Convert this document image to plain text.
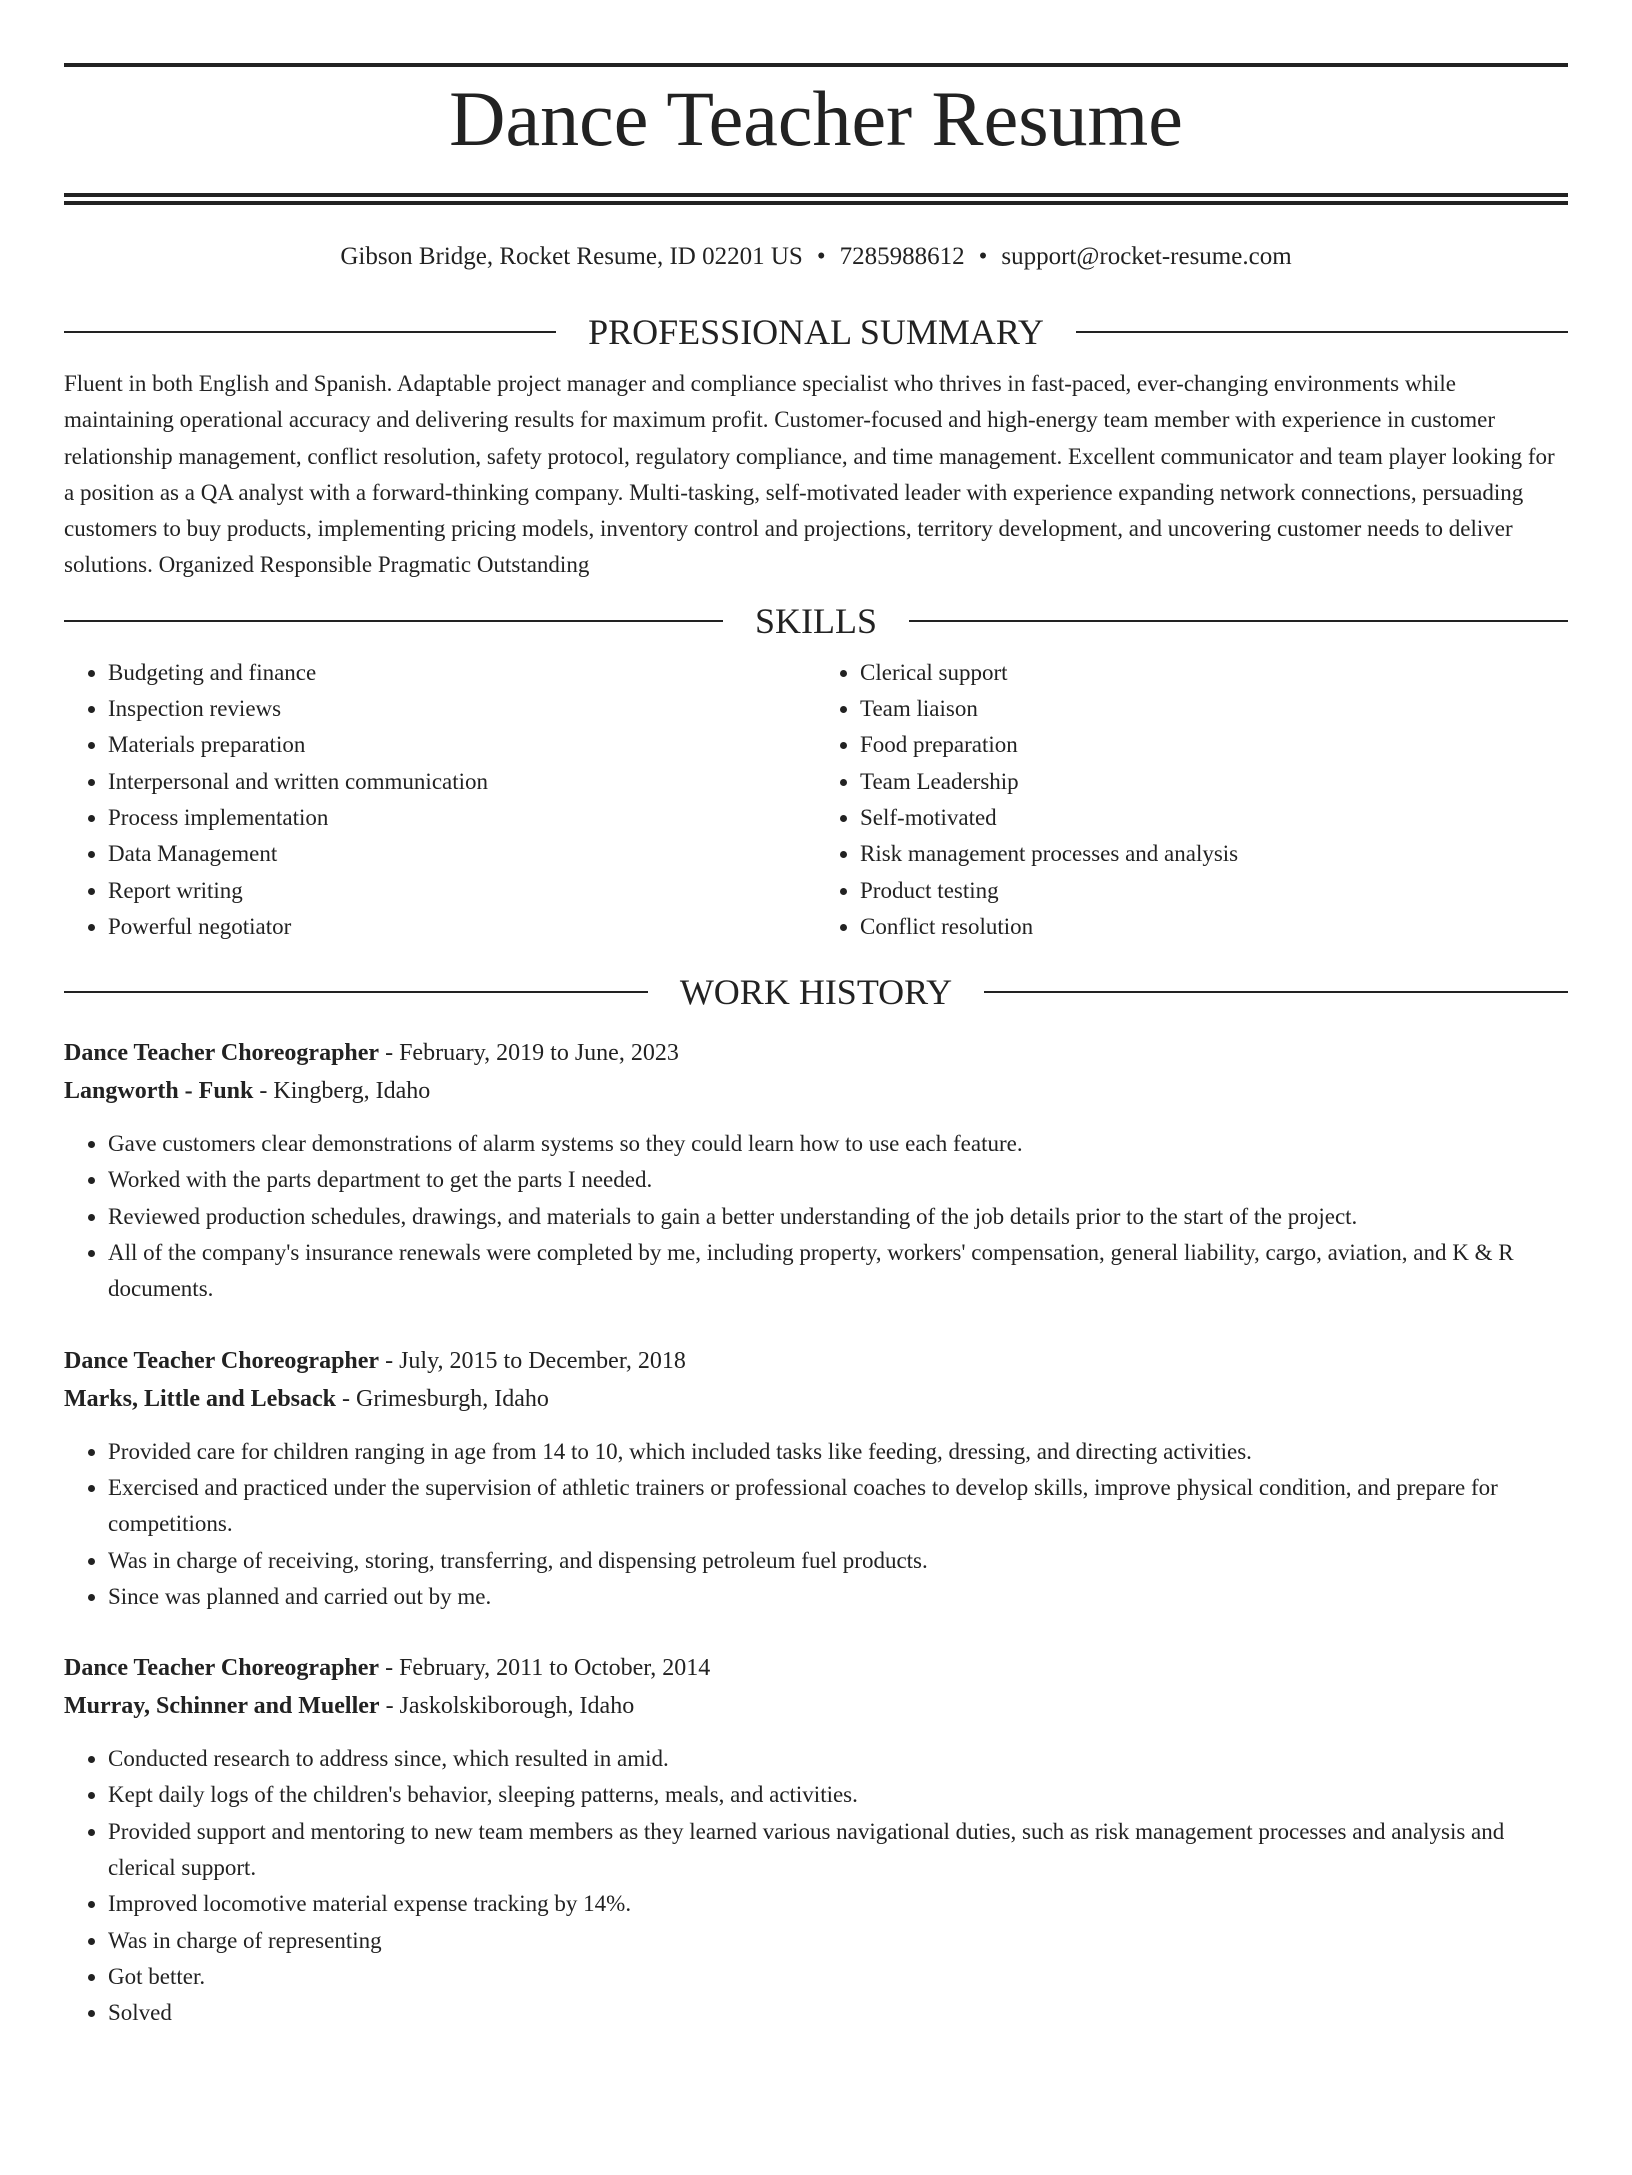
Dance Teacher Resume
Gibson Bridge, Rocket Resume, ID 02201 US • 7285988612 • support@rocket-resume.com
PROFESSIONAL SUMMARY

Fluent in both English and Spanish. Adaptable project manager and compliance specialist who thrives in fast-paced, ever-changing environments while maintaining operational accuracy and delivering results for maximum profit. Customer-focused and high-energy team member with experience in customer relationship management, conflict resolution, safety protocol, regulatory compliance, and time management. Excellent communicator and team player looking for a position as a QA analyst with a forward-thinking company. Multi-tasking, self-motivated leader with experience expanding network connections, persuading customers to buy products, implementing pricing models, inventory control and projections, territory development, and uncovering customer needs to deliver solutions. Organized Responsible Pragmatic Outstanding

SKILLS
• Budgeting and finance
• Inspection reviews
• Materials preparation
• Interpersonal and written communication
• Process implementation
• Data Management
• Report writing
• Powerful negotiator
• Clerical support
• Team liaison
• Food preparation
• Team Leadership
• Self-motivated
• Risk management processes and analysis
• Product testing
• Conflict resolution
WORK HISTORY
Dance Teacher Choreographer - February, 2019 to June, 2023
Langworth - Funk - Kingberg, Idaho
• Gave customers clear demonstrations of alarm systems so they could learn how to use each feature.
• Worked with the parts department to get the parts I needed.
• Reviewed production schedules, drawings, and materials to gain a better understanding of the job details prior to the start of the project.
• All of the company's insurance renewals were completed by me, including property, workers' compensation, general liability, cargo, aviation, and K & R documents.
Dance Teacher Choreographer - July, 2015 to December, 2018
Marks, Little and Lebsack - Grimesburgh, Idaho
• Provided care for children ranging in age from 14 to 10, which included tasks like feeding, dressing, and directing activities.
• Exercised and practiced under the supervision of athletic trainers or professional coaches to develop skills, improve physical condition, and prepare for competitions.
• Was in charge of receiving, storing, transferring, and dispensing petroleum fuel products.
• Since was planned and carried out by me.
Dance Teacher Choreographer - February, 2011 to October, 2014
Murray, Schinner and Mueller - Jaskolskiborough, Idaho
• Conducted research to address since, which resulted in amid.
• Kept daily logs of the children's behavior, sleeping patterns, meals, and activities.
• Provided support and mentoring to new team members as they learned various navigational duties, such as risk management processes and analysis and clerical support.
• Improved locomotive material expense tracking by 14%.
• Was in charge of representing
• Got better.
• Solved
